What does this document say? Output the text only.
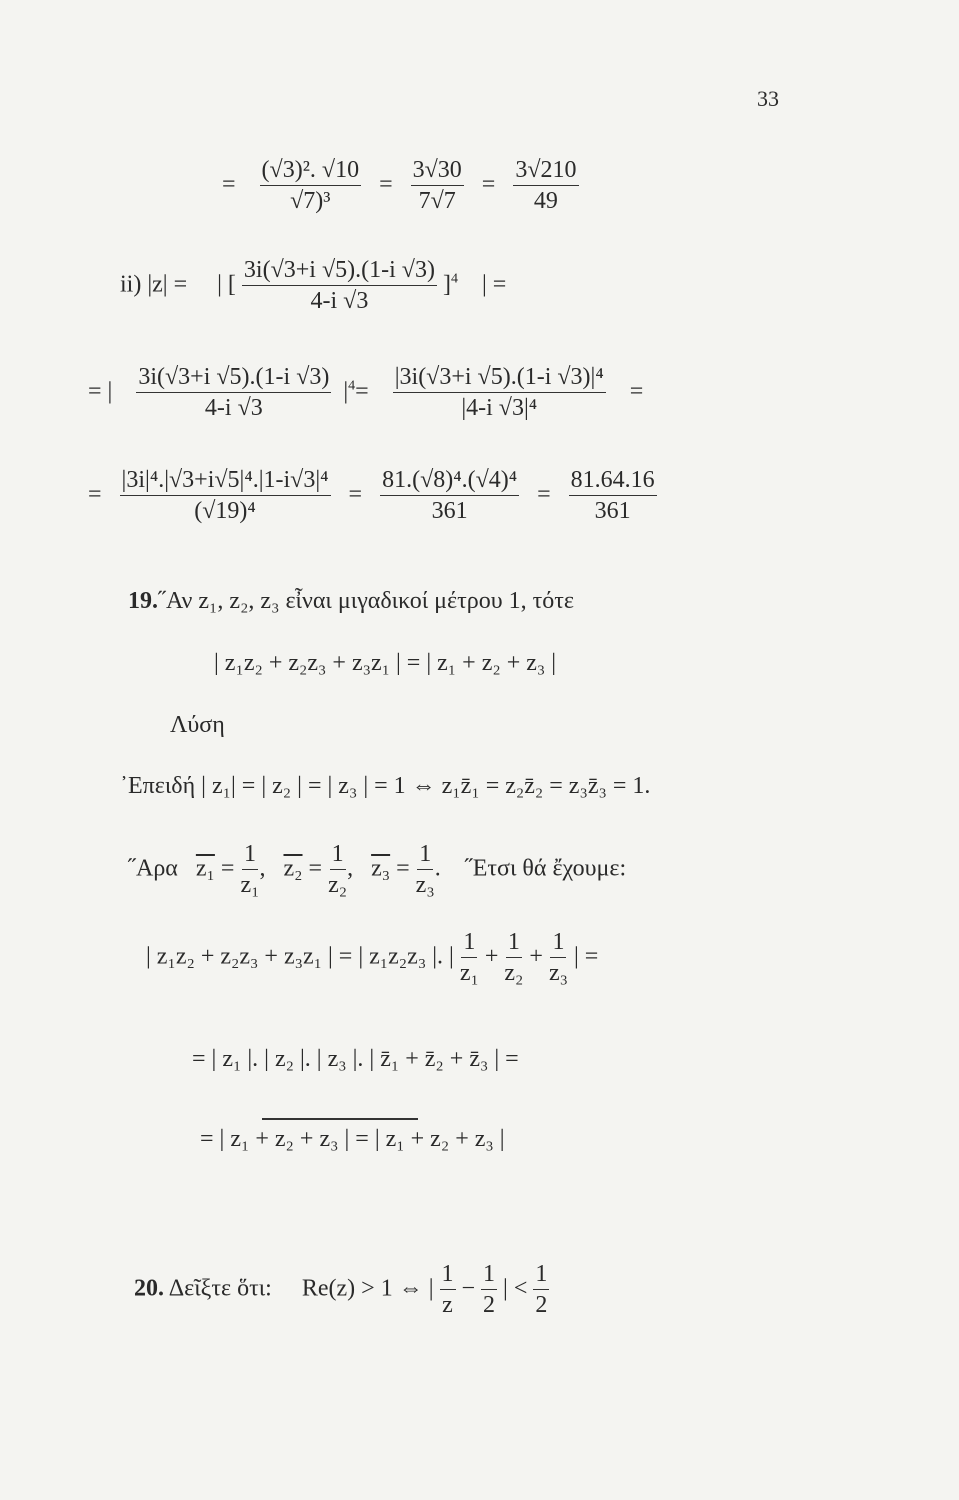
33
= $\frac{\text{(√3)². √10}}{\text{√7)³}} = \frac{3√30}{7√7} = \frac{3√210}{49}$
ii) |z| = | [ $\frac{3i(√3+i √5).(1-i √3)}{4-i √3} ]^4$ | =
= | $\frac{3i(√3+i √5).(1-i √3)}{4-i √3} |^4= \frac{\text{|3i(√3+i √5).(1-i √3)|⁴}}{\text{|4-i √3|⁴}}$ =
= $\frac{\text{|3i|⁴.|√3+i√5|⁴.|1-i√3|⁴}}{\text{(√19)⁴}} = \frac{\text{81.(√8)⁴.(√4)⁴}}{361} = \frac{81.64.16}{361}$
19.˝Αν z₁, z₂, z₃ εἶναι μιγαδικοί μέτρου 1, τότε
| z₁z₂ + z₂z₃ + z₃z₁ | = | z₁ + z₂ + z₃ |
Λύση
᾿Επειδή | z₁| = | z₂ | = | z₃ | = 1 ⇔ z₁z̄₁ = z₂z̄₂ = z₃z̄₃ = 1.
˝Αρα $z_1 = \frac{1}{\text{z₁}}$ ,   $z_2 = \frac{1}{\text{z₂}}$ ,   $z_3 = \frac{1}{\text{z₃}}$ .    ˝Ετσι θά ἔχουμε:
| z₁z₂ + z₂z₃ + z₃z₁ | = | z₁z₂z₃ |. | $\frac{1}{\text{z₁}} + \frac{1}{\text{z₂}} + \frac{1}{\text{z₃}}$ | =
= | z₁ |. | z₂ |. | z₃ |. | z̄₁ + z̄₂ + z̄₃ | =
= | z₁ + z₂ + z₃ | = | z₁ + z₂ + z₃ |
20. Δεῖξτε ὅτι: Re(z) > 1 ⇔ | $\frac{1}{z} - \frac{1}{2}$ | < $\frac{1}{2}$
